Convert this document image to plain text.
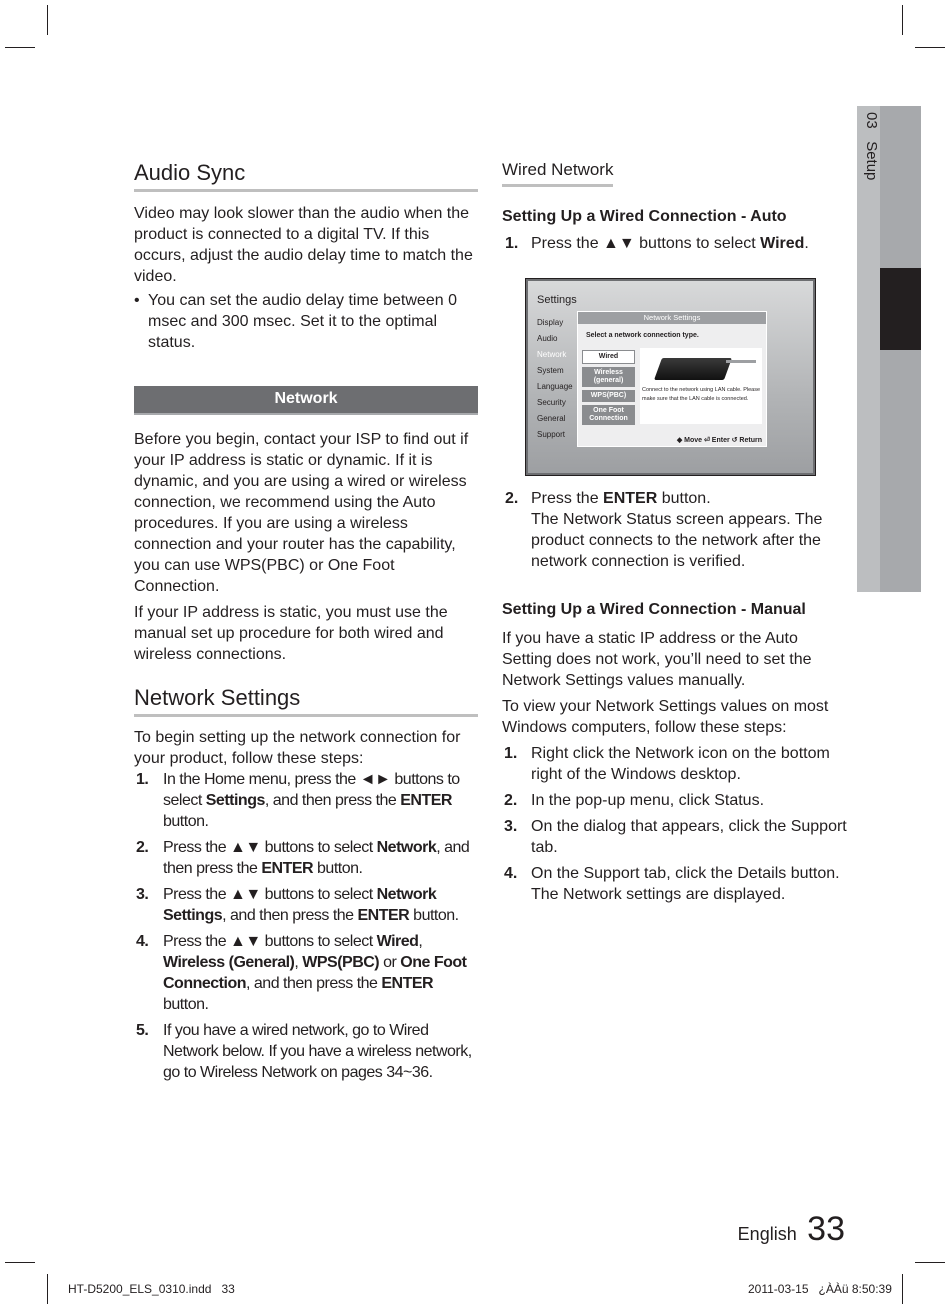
03   Setup
Audio Sync

Video may look slower than the audio when the product is connected to a digital TV. If this occurs, adjust the audio delay time to match the video.

• You can set the audio delay time between 0 msec and 300 msec. Set it to the optimal status.
Network

Before you begin, contact your ISP to find out if your IP address is static or dynamic. If it is dynamic, and you are using a wired or wireless connection, we recommend using the Auto procedures. If you are using a wireless connection and your router has the capability, you can use WPS(PBC) or One Foot Connection.

If your IP address is static, you must use the manual set up procedure for both wired and wireless connections.

Network Settings

To begin setting up the network connection for your product, follow these steps:

1. In the Home menu, press the ◄► buttons to select Settings, and then press the ENTER button.
2. Press the ▲▼ buttons to select Network, and then press the ENTER button.
3. Press the ▲▼ buttons to select Network Settings, and then press the ENTER button.
4. Press the ▲▼ buttons to select Wired, Wireless (General), WPS(PBC) or One Foot Connection, and then press the ENTER button.
5. If you have a wired network, go to Wired Network below. If you have a wireless network, go to Wireless Network on pages 34~36.
Wired Network

Setting Up a Wired Connection - Auto

1. Press the ▲▼ buttons to select Wired.
Settings
Display
Audio
Network
System
Language
Security
General
Support
Network Settings
Select a network connection type.
Wired
Wireless (general)
WPS(PBC)
One Foot Connection
Connect to the network using LAN cable. Please make sure that the LAN cable is connected.
◆ Move ⏎ Enter ↺ Return
2. Press the ENTER button.
The Network Status screen appears. The product connects to the network after the network connection is verified.

Setting Up a Wired Connection - Manual

If you have a static IP address or the Auto Setting does not work, you’ll need to set the Network Settings values manually.

To view your Network Settings values on most Windows computers, follow these steps:

1. Right click the Network icon on the bottom right of the Windows desktop.
2. In the pop-up menu, click Status.
3. On the dialog that appears, click the Support tab.
4. On the Support tab, click the Details button. The Network settings are displayed.
English 33
HT-D5200_ELS_0310.indd   33	2011-03-15   ¿ÀÀü 8:50:39
